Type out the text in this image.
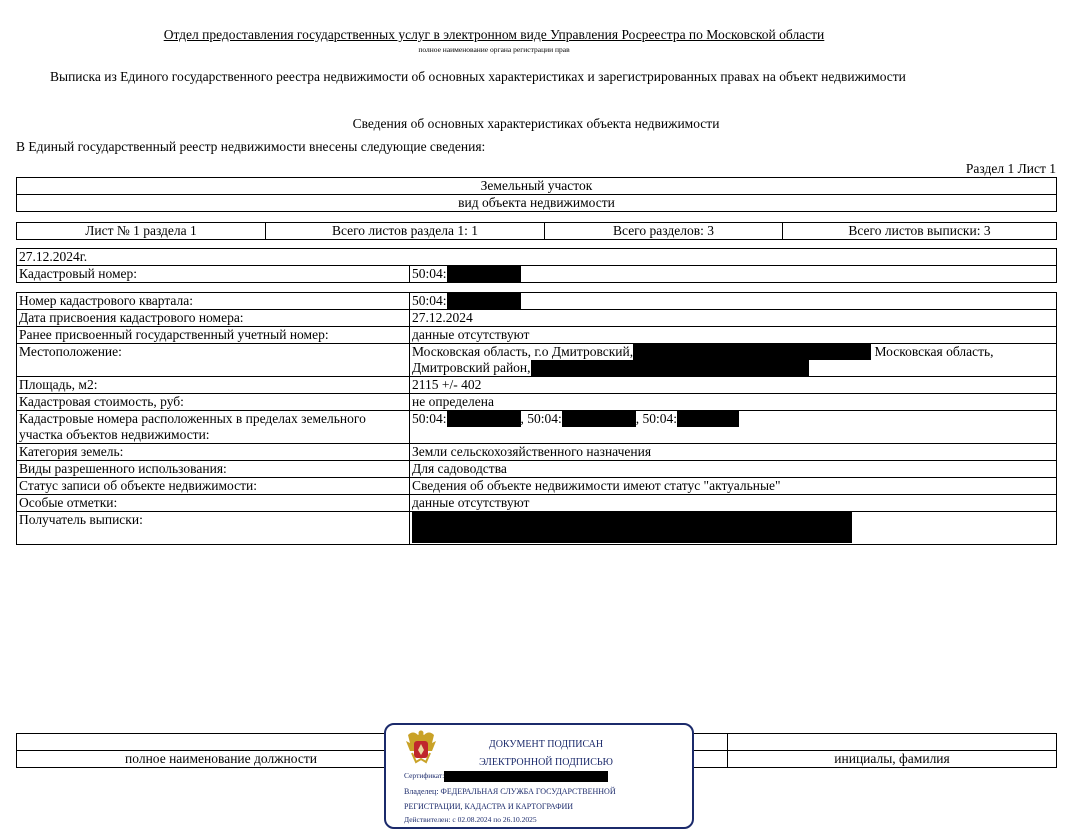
Отдел предоставления государственных услуг в электронном виде Управления Росреестра по Московской области
полное наименование органа регистрации прав
Выписка из Единого государственного реестра недвижимости об основных характеристиках и зарегистрированных правах на объект недвижимости
Сведения об основных характеристиках объекта недвижимости
В Единый государственный реестр недвижимости внесены следующие сведения:
Раздел 1 Лист 1
Земельный участок
вид объекта недвижимости
Лист № 1 раздела 1	Всего листов раздела 1: 1	Всего разделов: 3	Всего листов выписки: 3
27.12.2024г.
Кадастровый номер:	50:04:
Номер кадастрового квартала:	50:04:
Дата присвоения кадастрового номера:	27.12.2024
Ранее присвоенный государственный учетный номер:	данные отсутствуют
Местоположение:	Московская область, г.о Дмитровский, Московская область,
Дмитровский район,
Площадь, м2:	2115 +/- 402
Кадастровая стоимость, руб:	не определена
Кадастровые номера расположенных в пределах земельного участка объектов недвижимости:	50:04: , 50:04: , 50:04:
Категория земель:	Земли сельскохозяйственного назначения
Виды разрешенного использования:	Для садоводства
Статус записи об объекте недвижимости:	Сведения об объекте недвижимости имеют статус "актуальные"
Особые отметки:	данные отсутствуют
Получатель выписки:	

полное наименование должности		инициалы, фамилия
ДОКУМЕНТ ПОДПИСАН
ЭЛЕКТРОННОЙ ПОДПИСЬЮ
Сертификат:
Владелец: ФЕДЕРАЛЬНАЯ СЛУЖБА ГОСУДАРСТВЕННОЙ
РЕГИСТРАЦИИ, КАДАСТРА И КАРТОГРАФИИ
Действителен: с 02.08.2024 по 26.10.2025
